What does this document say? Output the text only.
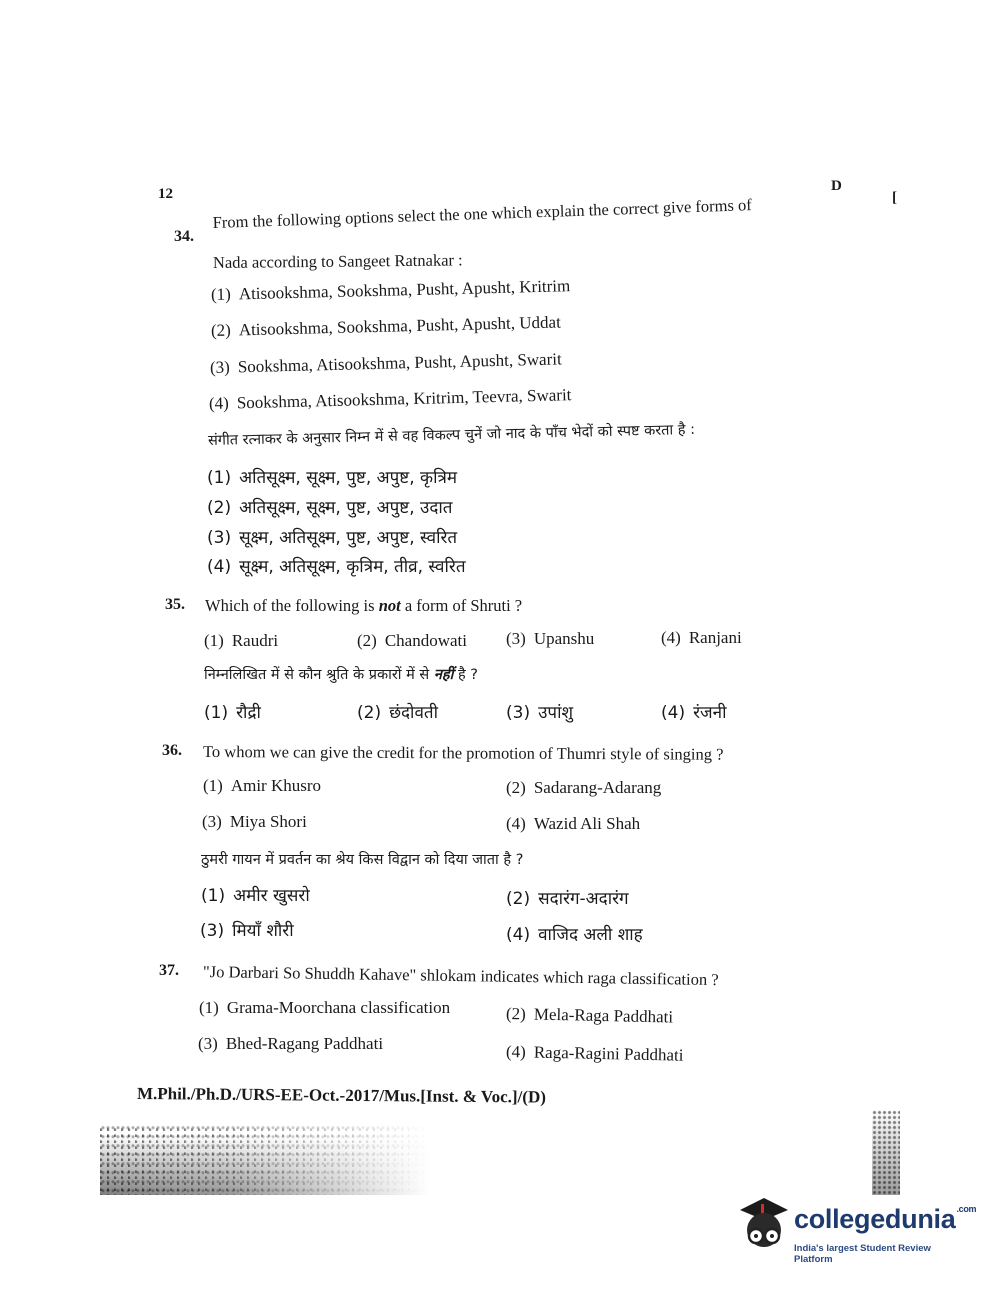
12	D
[
34.
From the following options select the one which explain the correct give forms of
Nada according to Sangeet Ratnakar :
(1) Atisookshma, Sookshma, Pusht, Apusht, Kritrim
(2) Atisookshma, Sookshma, Pusht, Apusht, Uddat
(3) Sookshma, Atisookshma, Pusht, Apusht, Swarit
(4) Sookshma, Atisookshma, Kritrim, Teevra, Swarit
संगीत रत्नाकर के अनुसार निम्न में से वह विकल्प चुनें जो नाद के पाँच भेदों को स्पष्ट करता है :
(1) अतिसूक्ष्म, सूक्ष्म, पुष्ट, अपुष्ट, कृत्रिम
(2) अतिसूक्ष्म, सूक्ष्म, पुष्ट, अपुष्ट, उदात
(3) सूक्ष्म, अतिसूक्ष्म, पुष्ट, अपुष्ट, स्वरित
(4) सूक्ष्म, अतिसूक्ष्म, कृत्रिम, तीव्र, स्वरित
35. Which of the following is not a form of Shruti ?
(1) Raudri	(2) Chandowati (3) Upanshu	(4) Ranjani
निम्नलिखित में से कौन श्रुति के प्रकारों में से नहीं है ?
(1) रौद्री	(2) छंदोवती	(3) उपांशु	(4) रंजनी
36. To whom we can give the credit for the promotion of Thumri style of singing ?
(1) Amir Khusro	(2) Sadarang-Adarang
(3) Miya Shori	(4) Wazid Ali Shah
ठुमरी गायन में प्रवर्तन का श्रेय किस विद्वान को दिया जाता है ?
(1) अमीर खुसरो	(2) सदारंग-अदारंग
(3) मियाँ शौरी	(4) वाजिद अली शाह
37. "Jo Darbari So Shuddh Kahave" shlokam indicates which raga classification ?
(1) Grama-Moorchana classification	(2) Mela-Raga Paddhati
(3) Bhed-Ragang Paddhati	(4) Raga-Ragini Paddhati
M.Phil./Ph.D./URS-EE-Oct.-2017/Mus.[Inst. & Voc.]/(D)
collegedunia$^{.com}$
India's largest Student Review Platform
